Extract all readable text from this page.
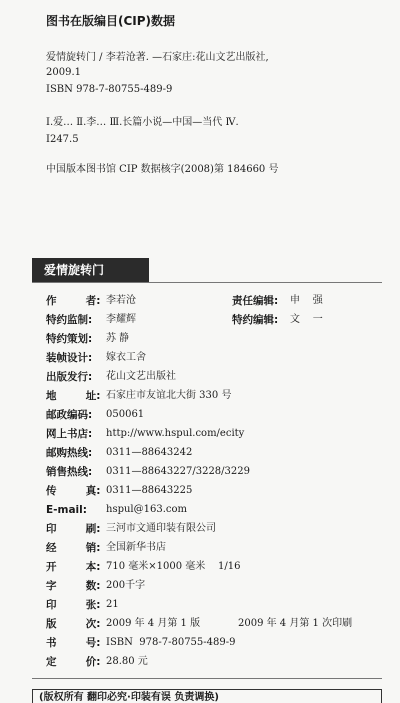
图书在版编目(CIP)数据
爱情旋转门 / 李若沧著. —石家庄:花山文艺出版社,
2009.1
ISBN 978-7-80755-489-9
Ⅰ.爱… Ⅱ.李… Ⅲ.长篇小说—中国—当代 Ⅳ.
I247.5
中国版本图书馆 CIP 数据核字(2008)第 184660 号
爱情旋转门
作        者: 李若沧	责任编辑: 申    强
特约监制: 李耀辉	特约编辑: 文    一
特约策划: 苏 静
装帧设计: 嫁衣工舍
出版发行: 花山文艺出版社
地        址: 石家庄市友谊北大街 330 号
邮政编码: 050061
网上书店: http://www.hspul.com/ecity
邮购热线: 0311—88643242
销售热线: 0311—88643227/3228/3229
传        真: 0311—88643225
E-mail: hspul@163.com
印        刷: 三河市文通印装有限公司
经        销: 全国新华书店
开        本: 710 毫米×1000 毫米    1/16
字        数: 200千字
印        张: 21
版        次: 2009 年 4 月第 1 版	2009 年 4 月第 1 次印刷
书        号: ISBN  978-7-80755-489-9
定        价: 28.80 元
(版权所有 翻印必究·印装有误 负责调换)
